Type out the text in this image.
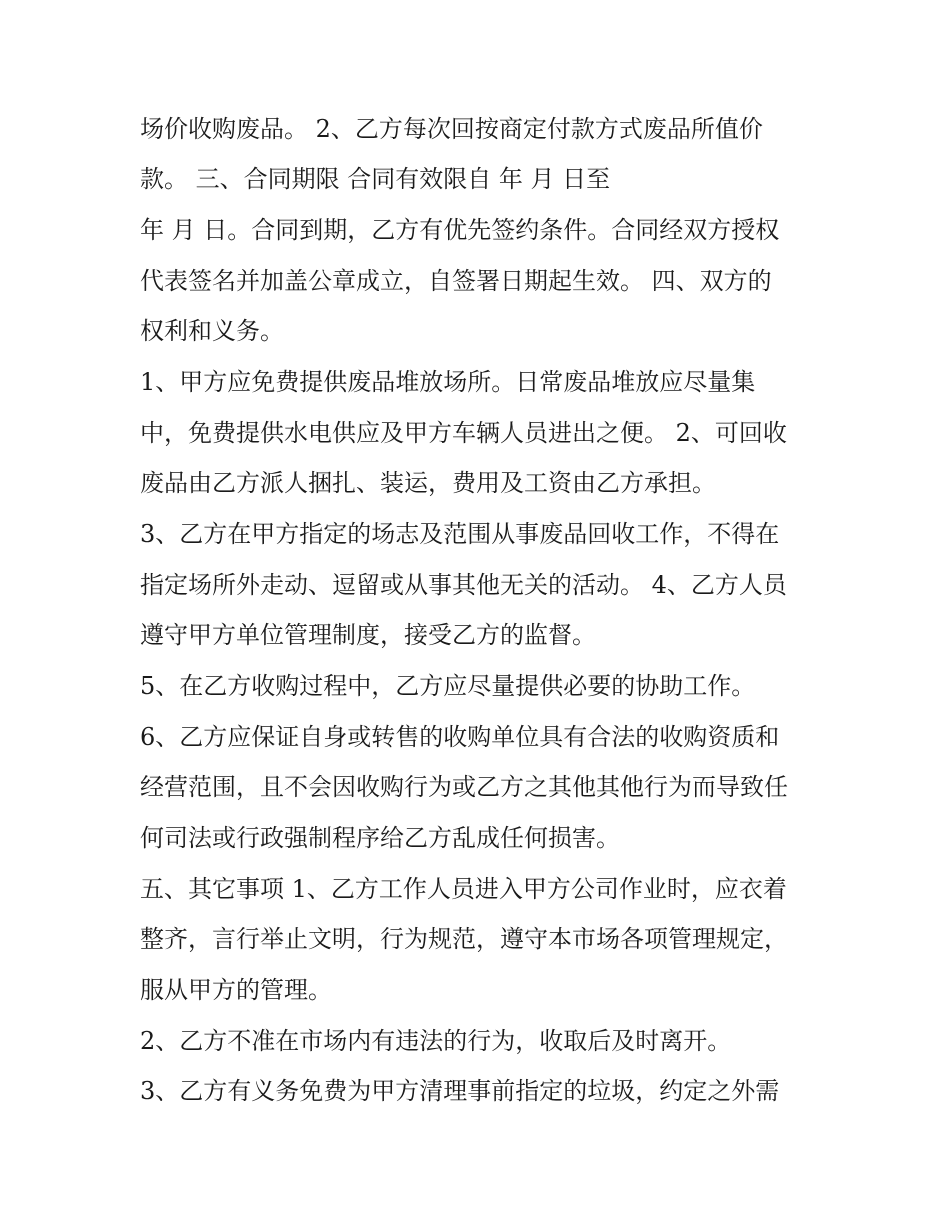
场价收购废品。 2、乙方每次回按商定付款方式废品所值价
款。 三、合同期限 合同有效限自 年 月 日至
年 月 日。合同到期，乙方有优先签约条件。合同经双方授权
代表签名并加盖公章成立，自签署日期起生效。 四、双方的
权利和义务。
1、甲方应免费提供废品堆放场所。日常废品堆放应尽量集
中，免费提供水电供应及甲方车辆人员进出之便。 2、可回收
废品由乙方派人捆扎、装运，费用及工资由乙方承担。
3、乙方在甲方指定的场志及范围从事废品回收工作，不得在
指定场所外走动、逗留或从事其他无关的活动。 4、乙方人员
遵守甲方单位管理制度，接受乙方的监督。
5、在乙方收购过程中，乙方应尽量提供必要的协助工作。
6、乙方应保证自身或转售的收购单位具有合法的收购资质和
经营范围，且不会因收购行为或乙方之其他其他行为而导致任
何司法或行政强制程序给乙方乱成任何损害。
五、其它事项 1、乙方工作人员进入甲方公司作业时，应衣着
整齐，言行举止文明，行为规范，遵守本市场各项管理规定，
服从甲方的管理。
2、乙方不准在市场内有违法的行为，收取后及时离开。
3、乙方有义务免费为甲方清理事前指定的垃圾，约定之外需
